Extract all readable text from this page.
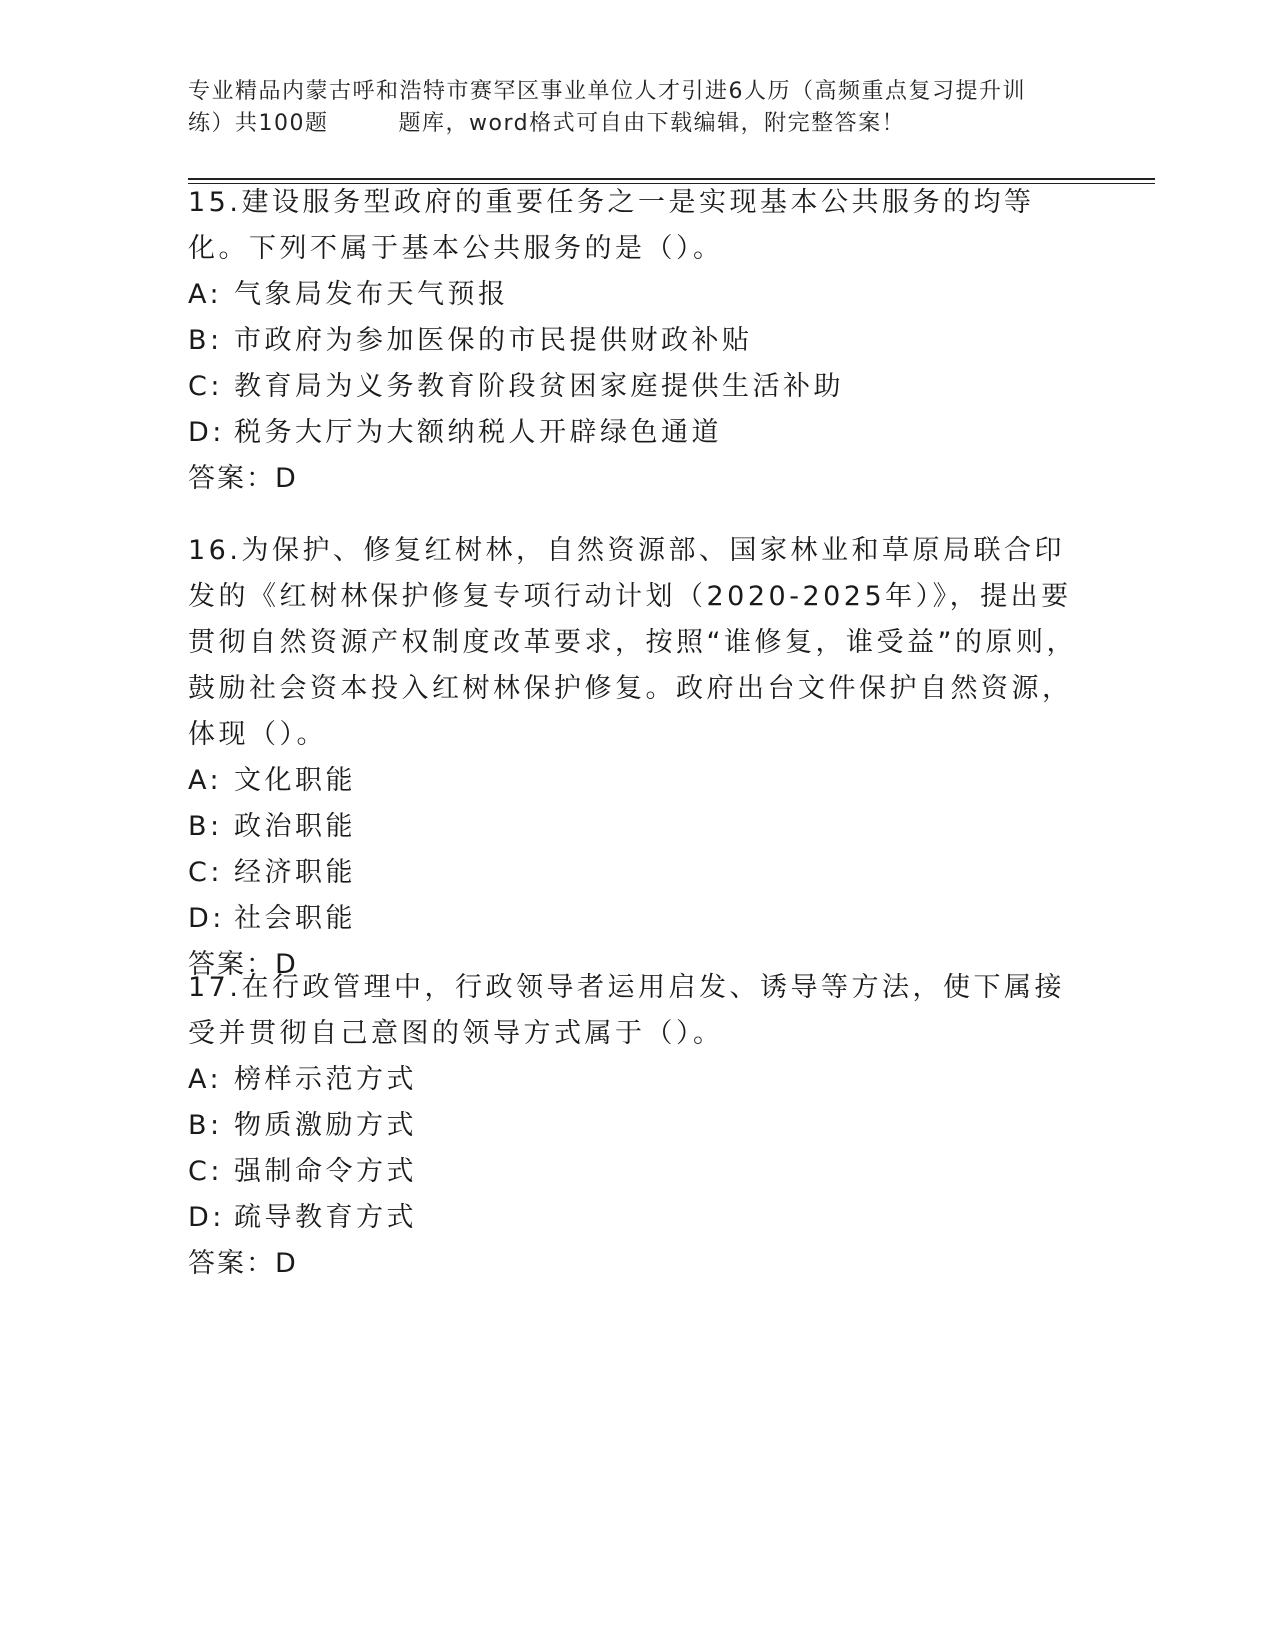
专业精品内蒙古呼和浩特市赛罕区事业单位人才引进6人历（高频重点复习提升训
练）共100题	题库，word格式可自由下载编辑，附完整答案！

15.建设服务型政府的重要任务之一是实现基本公共服务的均等化。下列不属于基本公共服务的是（）。

A: 气象局发布天气预报

B: 市政府为参加医保的市民提供财政补贴

C: 教育局为义务教育阶段贫困家庭提供生活补助

D: 税务大厅为大额纳税人开辟绿色通道

答案：D

16.为保护、修复红树林，自然资源部、国家林业和草原局联合印发的《红树林保护修复专项行动计划（2020-2025年）》，提出要贯彻自然资源产权制度改革要求，按照“谁修复，谁受益”的原则，鼓励社会资本投入红树林保护修复。政府出台文件保护自然资源，体现（）。

A: 文化职能

B: 政治职能

C: 经济职能

D: 社会职能

答案：D

17.在行政管理中，行政领导者运用启发、诱导等方法，使下属接受并贯彻自己意图的领导方式属于（）。

A: 榜样示范方式

B: 物质激励方式

C: 强制命令方式

D: 疏导教育方式

答案：D
